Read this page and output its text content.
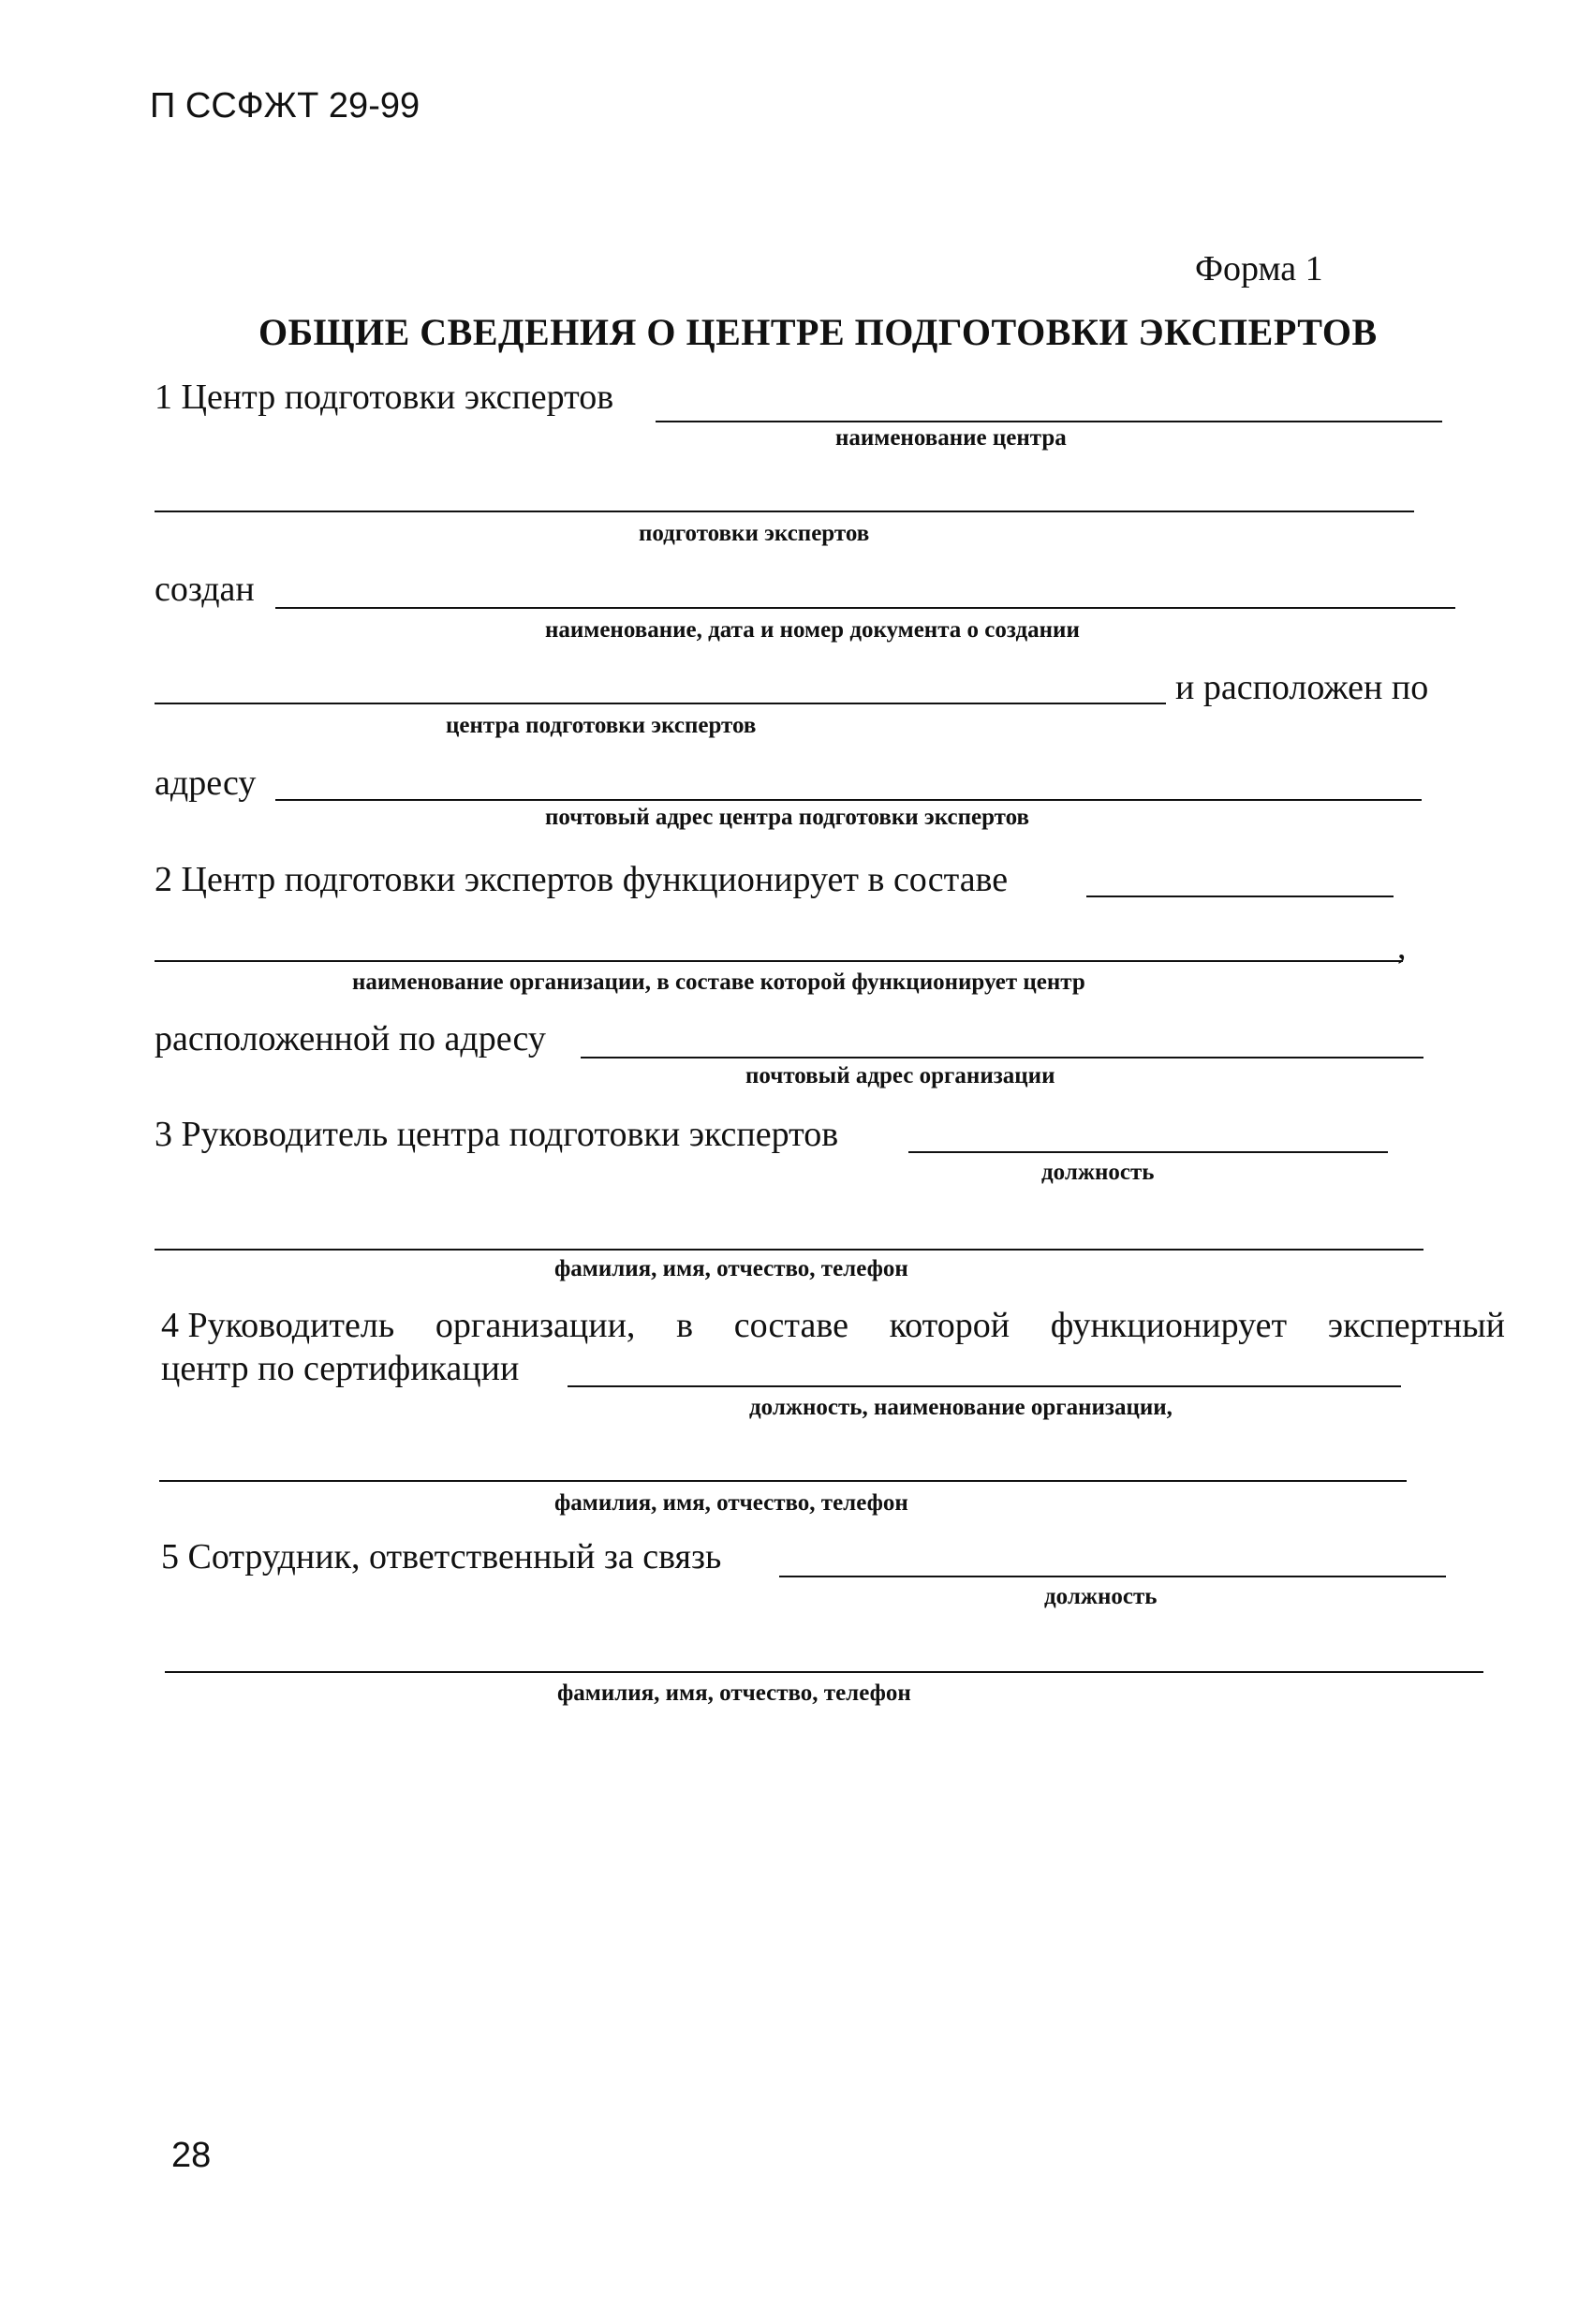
П ССФЖТ 29-99
Форма 1
ОБЩИЕ СВЕДЕНИЯ О ЦЕНТРЕ ПОДГОТОВКИ ЭКСПЕРТОВ
1 Центр подготовки экспертов
наименование центра
подготовки экспертов
создан
наименование, дата и номер документа о создании
и расположен по
центра подготовки экспертов
адресу
почтовый адрес центра подготовки экспертов
2 Центр подготовки экспертов функционирует в составе
,
наименование организации, в составе которой функционирует центр
расположенной по адресу
почтовый адрес организации
3 Руководитель центра подготовки экспертов
должность
фамилия, имя, отчество, телефон
4 Руководитель организации, в составе которой функционирует экспертный
центр по сертификации
должность, наименование организации,
фамилия, имя, отчество, телефон
5 Сотрудник, ответственный за связь
должность
фамилия, имя, отчество, телефон
28
